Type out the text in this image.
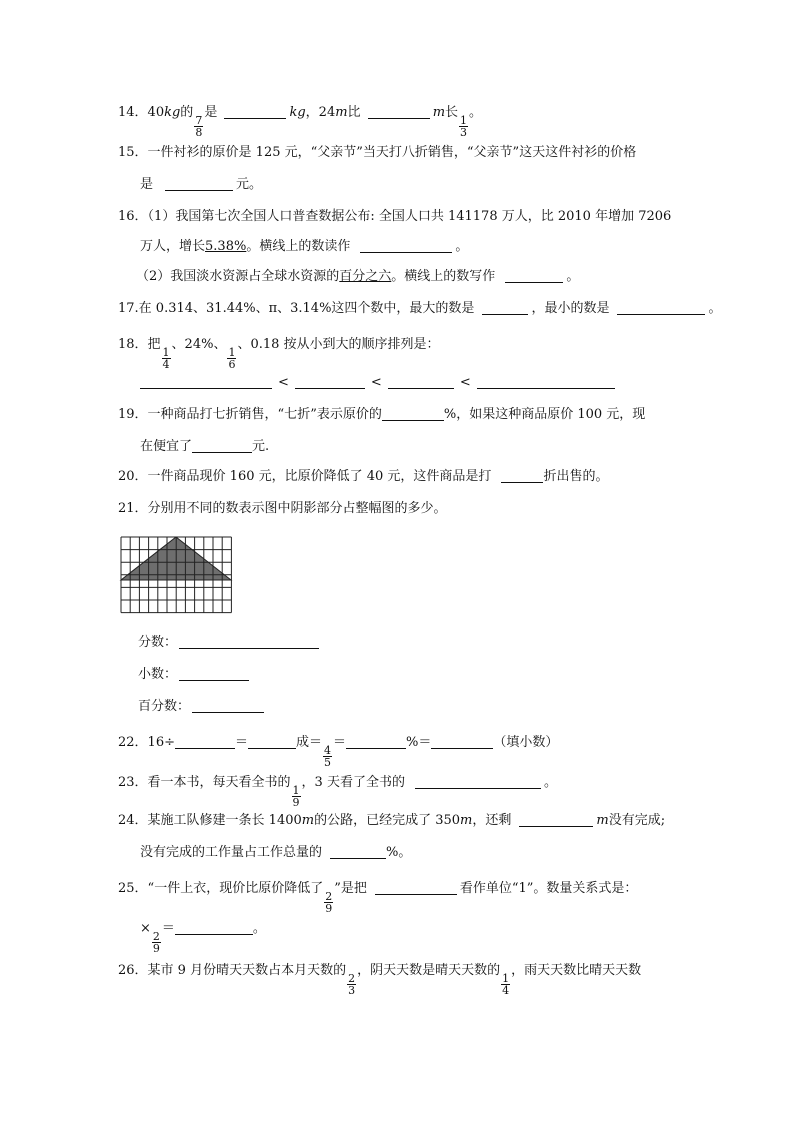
14．40kg的
$\frac{7}{8}$
是	kg，24m比	m长
$\frac{1}{3}$
。
15．一件衬衫的原价是 125 元，“父亲节”当天打八折销售，“父亲节”这天这件衬衫的价格
是	元。
16．（1）我国第七次全国人口普查数据公布: 全国人口共 141178 万人，比 2010 年增加 7206
万人，增长5.38%。横线上的数读作	。
（2）我国淡水资源占全球水资源的百分之六。横线上的数写作	。
17.在 0.314、31.44%、π、3.14%这四个数中，最大的数是	，最小的数是	。
18．把
$\frac{1}{4}$
、24%、
$\frac{1}{6}$
、0.18 按从小到大的顺序排列是：
<	<	<
19．一种商品打七折销售，“七折”表示原价的	%，如果这种商品原价 100 元，现
在便宜了	元.
20．一件商品现价 160 元，比原价降低了 40 元，这件商品是打	折出售的。
21．分别用不同的数表示图中阴影部分占整幅图的多少。
分数：
小数：
百分数：
22．16÷	＝	成＝
$\frac{4}{5}$
＝	%＝	（填小数）
23．看一本书，每天看全书的
$\frac{1}{9}$
，3 天看了全书的	。
24．某施工队修建一条长 1400m的公路，已经完成了 350m，还剩	m没有完成;
没有完成的工作量占工作总量的	%。
25．“一件上衣，现价比原价降低了
$\frac{2}{9}$
”是把	看作单位“1”。数量关系式是：
×
$\frac{2}{9}$
＝	。
26．某市 9 月份晴天天数占本月天数的
$\frac{2}{3}$
，阴天天数是晴天天数的
$\frac{1}{4}$
，雨天天数比晴天天数
